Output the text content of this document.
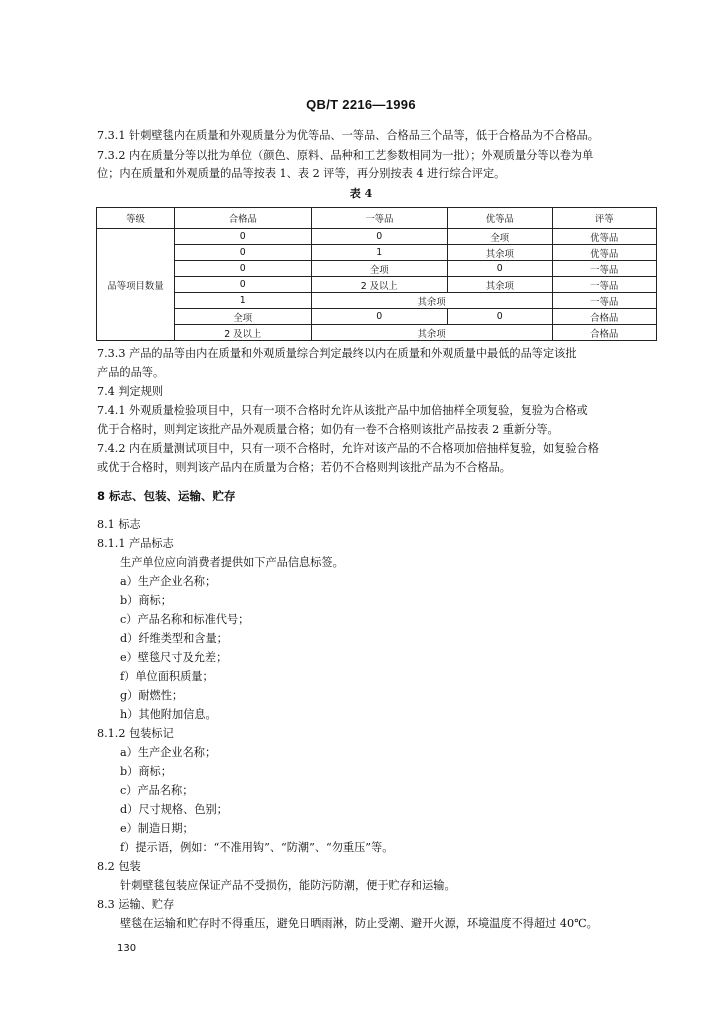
QB/T 2216—1996
7.3.1 针刺壁毯内在质量和外观质量分为优等品、一等品、合格品三个品等，低于合格品为不合格品。
7.3.2 内在质量分等以批为单位（颜色、原料、品种和工艺参数相同为一批）；外观质量分等以卷为单
位；内在质量和外观质量的品等按表 1、表 2 评等，再分别按表 4 进行综合评定。
表 4
等级	合格品	一等品	优等品	评等
品等项目数量	0	0	全项	优等品
	0	1	其余项	优等品
	0	全项	0	一等品
	0	2 及以上	其余项	一等品
	1	其余项		一等品
	全项	0	0	合格品
	2 及以上	其余项		合格品
7.3.3 产品的品等由内在质量和外观质量综合判定最终以内在质量和外观质量中最低的品等定该批
产品的品等。
7.4 判定规则
7.4.1 外观质量检验项目中，只有一项不合格时允许从该批产品中加倍抽样全项复验，复验为合格或
优于合格时，则判定该批产品外观质量合格；如仍有一卷不合格则该批产品按表 2 重新分等。
7.4.2 内在质量测试项目中，只有一项不合格时，允许对该产品的不合格项加倍抽样复验，如复验合格
或优于合格时，则判该产品内在质量为合格；若仍不合格则判该批产品为不合格品。
8 标志、包装、运输、贮存
8.1 标志
8.1.1 产品标志
生产单位应向消费者提供如下产品信息标签。
a）生产企业名称；
b）商标；
c）产品名称和标准代号；
d）纤维类型和含量；
e）壁毯尺寸及允差；
f）单位面积质量；
g）耐燃性；
h）其他附加信息。
8.1.2 包装标记
a）生产企业名称；
b）商标；
c）产品名称；
d）尺寸规格、色别；
e）制造日期；
f）提示语，例如：“不准用钩”、“防潮”、“勿重压”等。
8.2 包装
针刺壁毯包装应保证产品不受损伤，能防污防潮，便于贮存和运输。
8.3 运输、贮存
壁毯在运输和贮存时不得重压，避免日晒雨淋，防止受潮、避开火源，环境温度不得超过 40℃。
130
